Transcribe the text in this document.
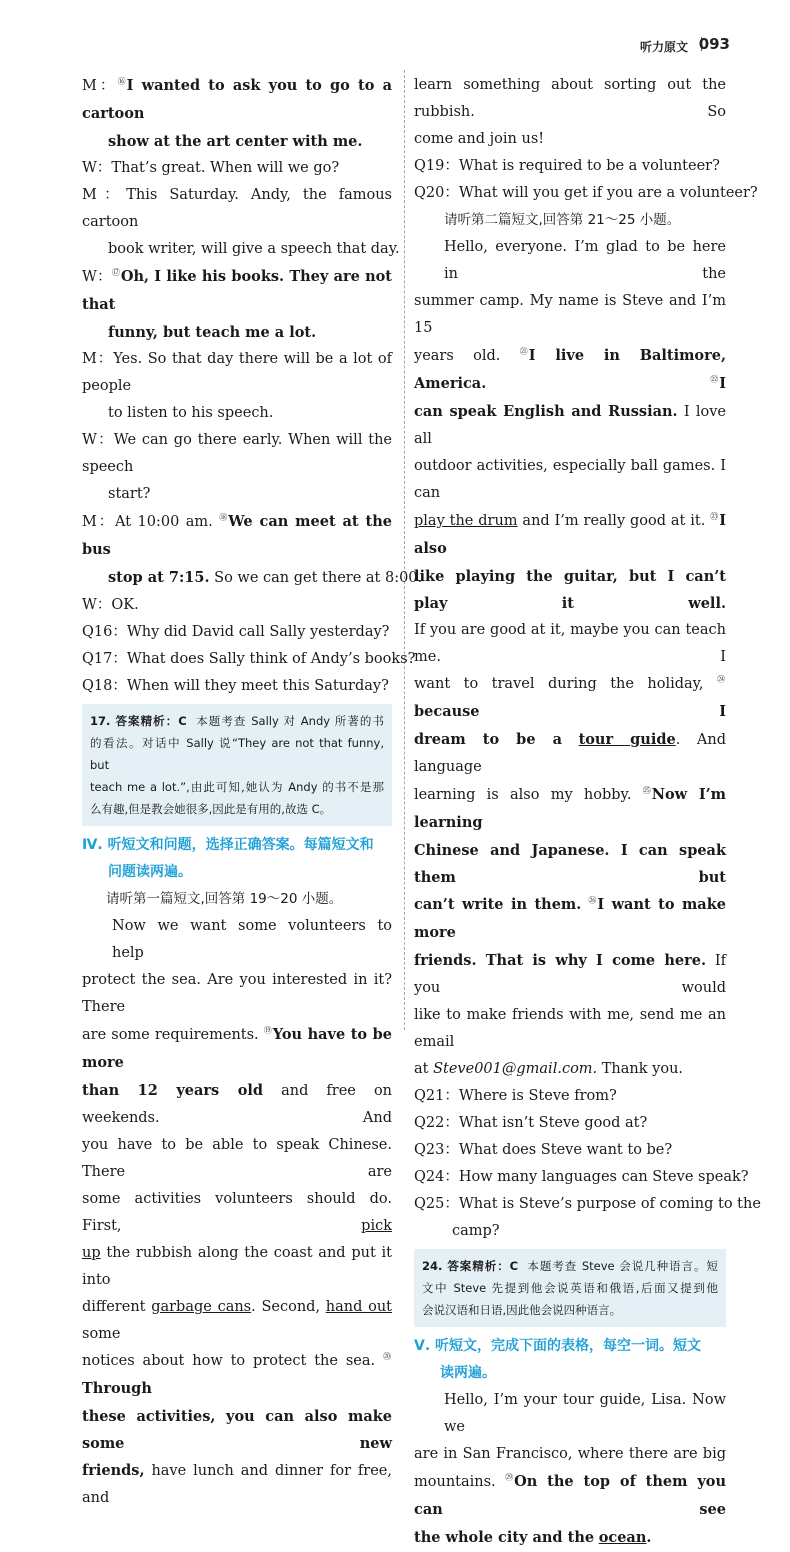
听力原文 093
M：⑯I wanted to ask you to go to a cartoon
show at the art center with me.
W：That’s great. When will we go?
M：This Saturday. Andy, the famous cartoon
book writer, will give a speech that day.
W：⑰Oh, I like his books. They are not that
funny, but teach me a lot.
M：Yes. So that day there will be a lot of people
to listen to his speech.
W：We can go there early. When will the speech
start?
M：At 10:00 am. ⑱We can meet at the bus
stop at 7:15. So we can get there at 8:00.
W：OK.
Q16：Why did David call Sally yesterday?
Q17：What does Sally think of Andy’s books?
Q18：When will they meet this Saturday?
17. 答案精析：C 本题考查 Sally 对 Andy 所著的书
的看法。对话中 Sally 说“They are not that funny, but
teach me a lot.”,由此可知,她认为 Andy 的书不是那
么有趣,但是教会她很多,因此是有用的,故选 C。
Ⅳ. 听短文和问题，选择正确答案。每篇短文和
问题读两遍。
请听第一篇短文,回答第 19～20 小题。
Now we want some volunteers to help
protect the sea. Are you interested in it? There
are some requirements. ⑲You have to be more
than 12 years old and free on weekends. And
you have to be able to speak Chinese. There are
some activities volunteers should do. First,	pick
up the rubbish along the coast and put it into
different garbage cans. Second, hand out some
notices about how to protect the sea. ⑳Through
these activities, you can also make some new
friends, have lunch and dinner for free, and
learn something about sorting out the rubbish. So
come and join us!
Q19：What is required to be a volunteer?
Q20：What will you get if you are a volunteer?
请听第二篇短文,回答第 21～25 小题。
Hello, everyone. I’m glad to be here in the
summer camp. My name is Steve and I’m 15
years old. ㉑I live in Baltimore, America.	㉒I
can speak English and Russian. I love all
outdoor activities, especially ball games. I can
play the drum and I’m really good at it. ㉓I also
like playing the guitar, but I can’t play it well.
If you are good at it, maybe you can teach me. I
want to travel during the holiday, ㉔because I
dream to be a tour guide. And language
learning is also my hobby. ㉕Now I’m learning
Chinese and Japanese. I can speak them but
can’t write in them. ㉖I want to make more
friends. That is why I come here. If you would
like to make friends with me, send me an email
at Steve001@gmail.com. Thank you.
Q21：Where is Steve from?
Q22：What isn’t Steve good at?
Q23：What does Steve want to be?
Q24：How many languages can Steve speak?
Q25：What is Steve’s purpose of coming to the
camp?
24. 答案精析：C 本题考查 Steve 会说几种语言。短
文中 Steve 先提到他会说英语和俄语,后面又提到他
会说汉语和日语,因此他会说四种语言。
Ⅴ. 听短文，完成下面的表格，每空一词。短文
读两遍。
Hello, I’m your tour guide, Lisa. Now we
are in San Francisco, where there are big
mountains. ㉙On the top of them you can see
the whole city and the ocean.
